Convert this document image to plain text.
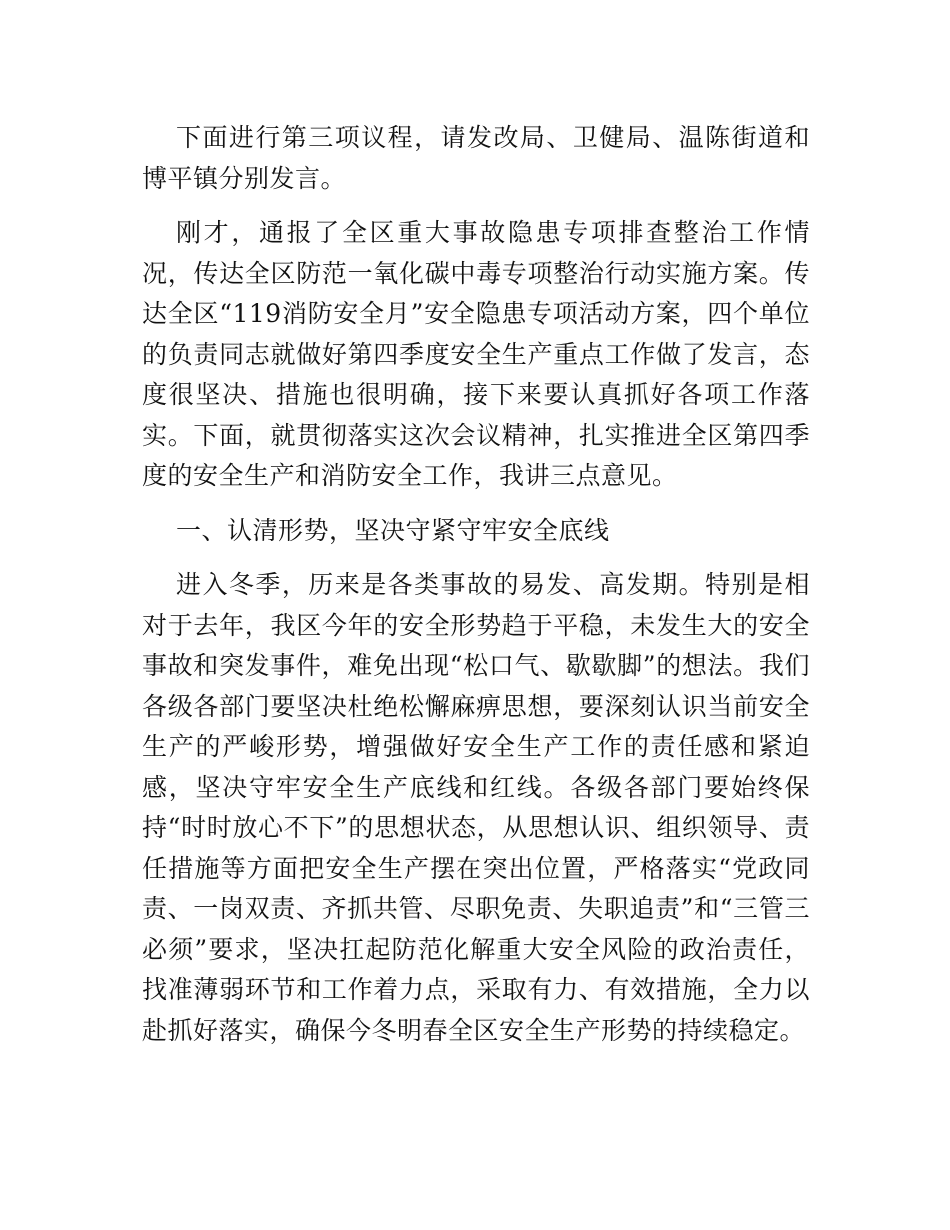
下面进行第三项议程，请发改局、卫健局、温陈街道和博平镇分别发言。

刚才，通报了全区重大事故隐患专项排查整治工作情况，传达全区防范一氧化碳中毒专项整治行动实施方案。传达全区“119消防安全月”安全隐患专项活动方案，四个单位的负责同志就做好第四季度安全生产重点工作做了发言，态度很坚决、措施也很明确，接下来要认真抓好各项工作落实。下面，就贯彻落实这次会议精神，扎实推进全区第四季度的安全生产和消防安全工作，我讲三点意见。

一、认清形势，坚决守紧守牢安全底线

进入冬季，历来是各类事故的易发、高发期。特别是相对于去年，我区今年的安全形势趋于平稳，未发生大的安全事故和突发事件，难免出现“松口气、歇歇脚”的想法。我们各级各部门要坚决杜绝松懈麻痹思想，要深刻认识当前安全生产的严峻形势，增强做好安全生产工作的责任感和紧迫感，坚决守牢安全生产底线和红线。各级各部门要始终保持“时时放心不下”的思想状态，从思想认识、组织领导、责任措施等方面把安全生产摆在突出位置，严格落实“党政同责、一岗双责、齐抓共管、尽职免责、失职追责”和“三管三必须”要求，坚决扛起防范化解重大安全风险的政治责任，找准薄弱环节和工作着力点，采取有力、有效措施，全力以赴抓好落实，确保今冬明春全区安全生产形势的持续稳定。
